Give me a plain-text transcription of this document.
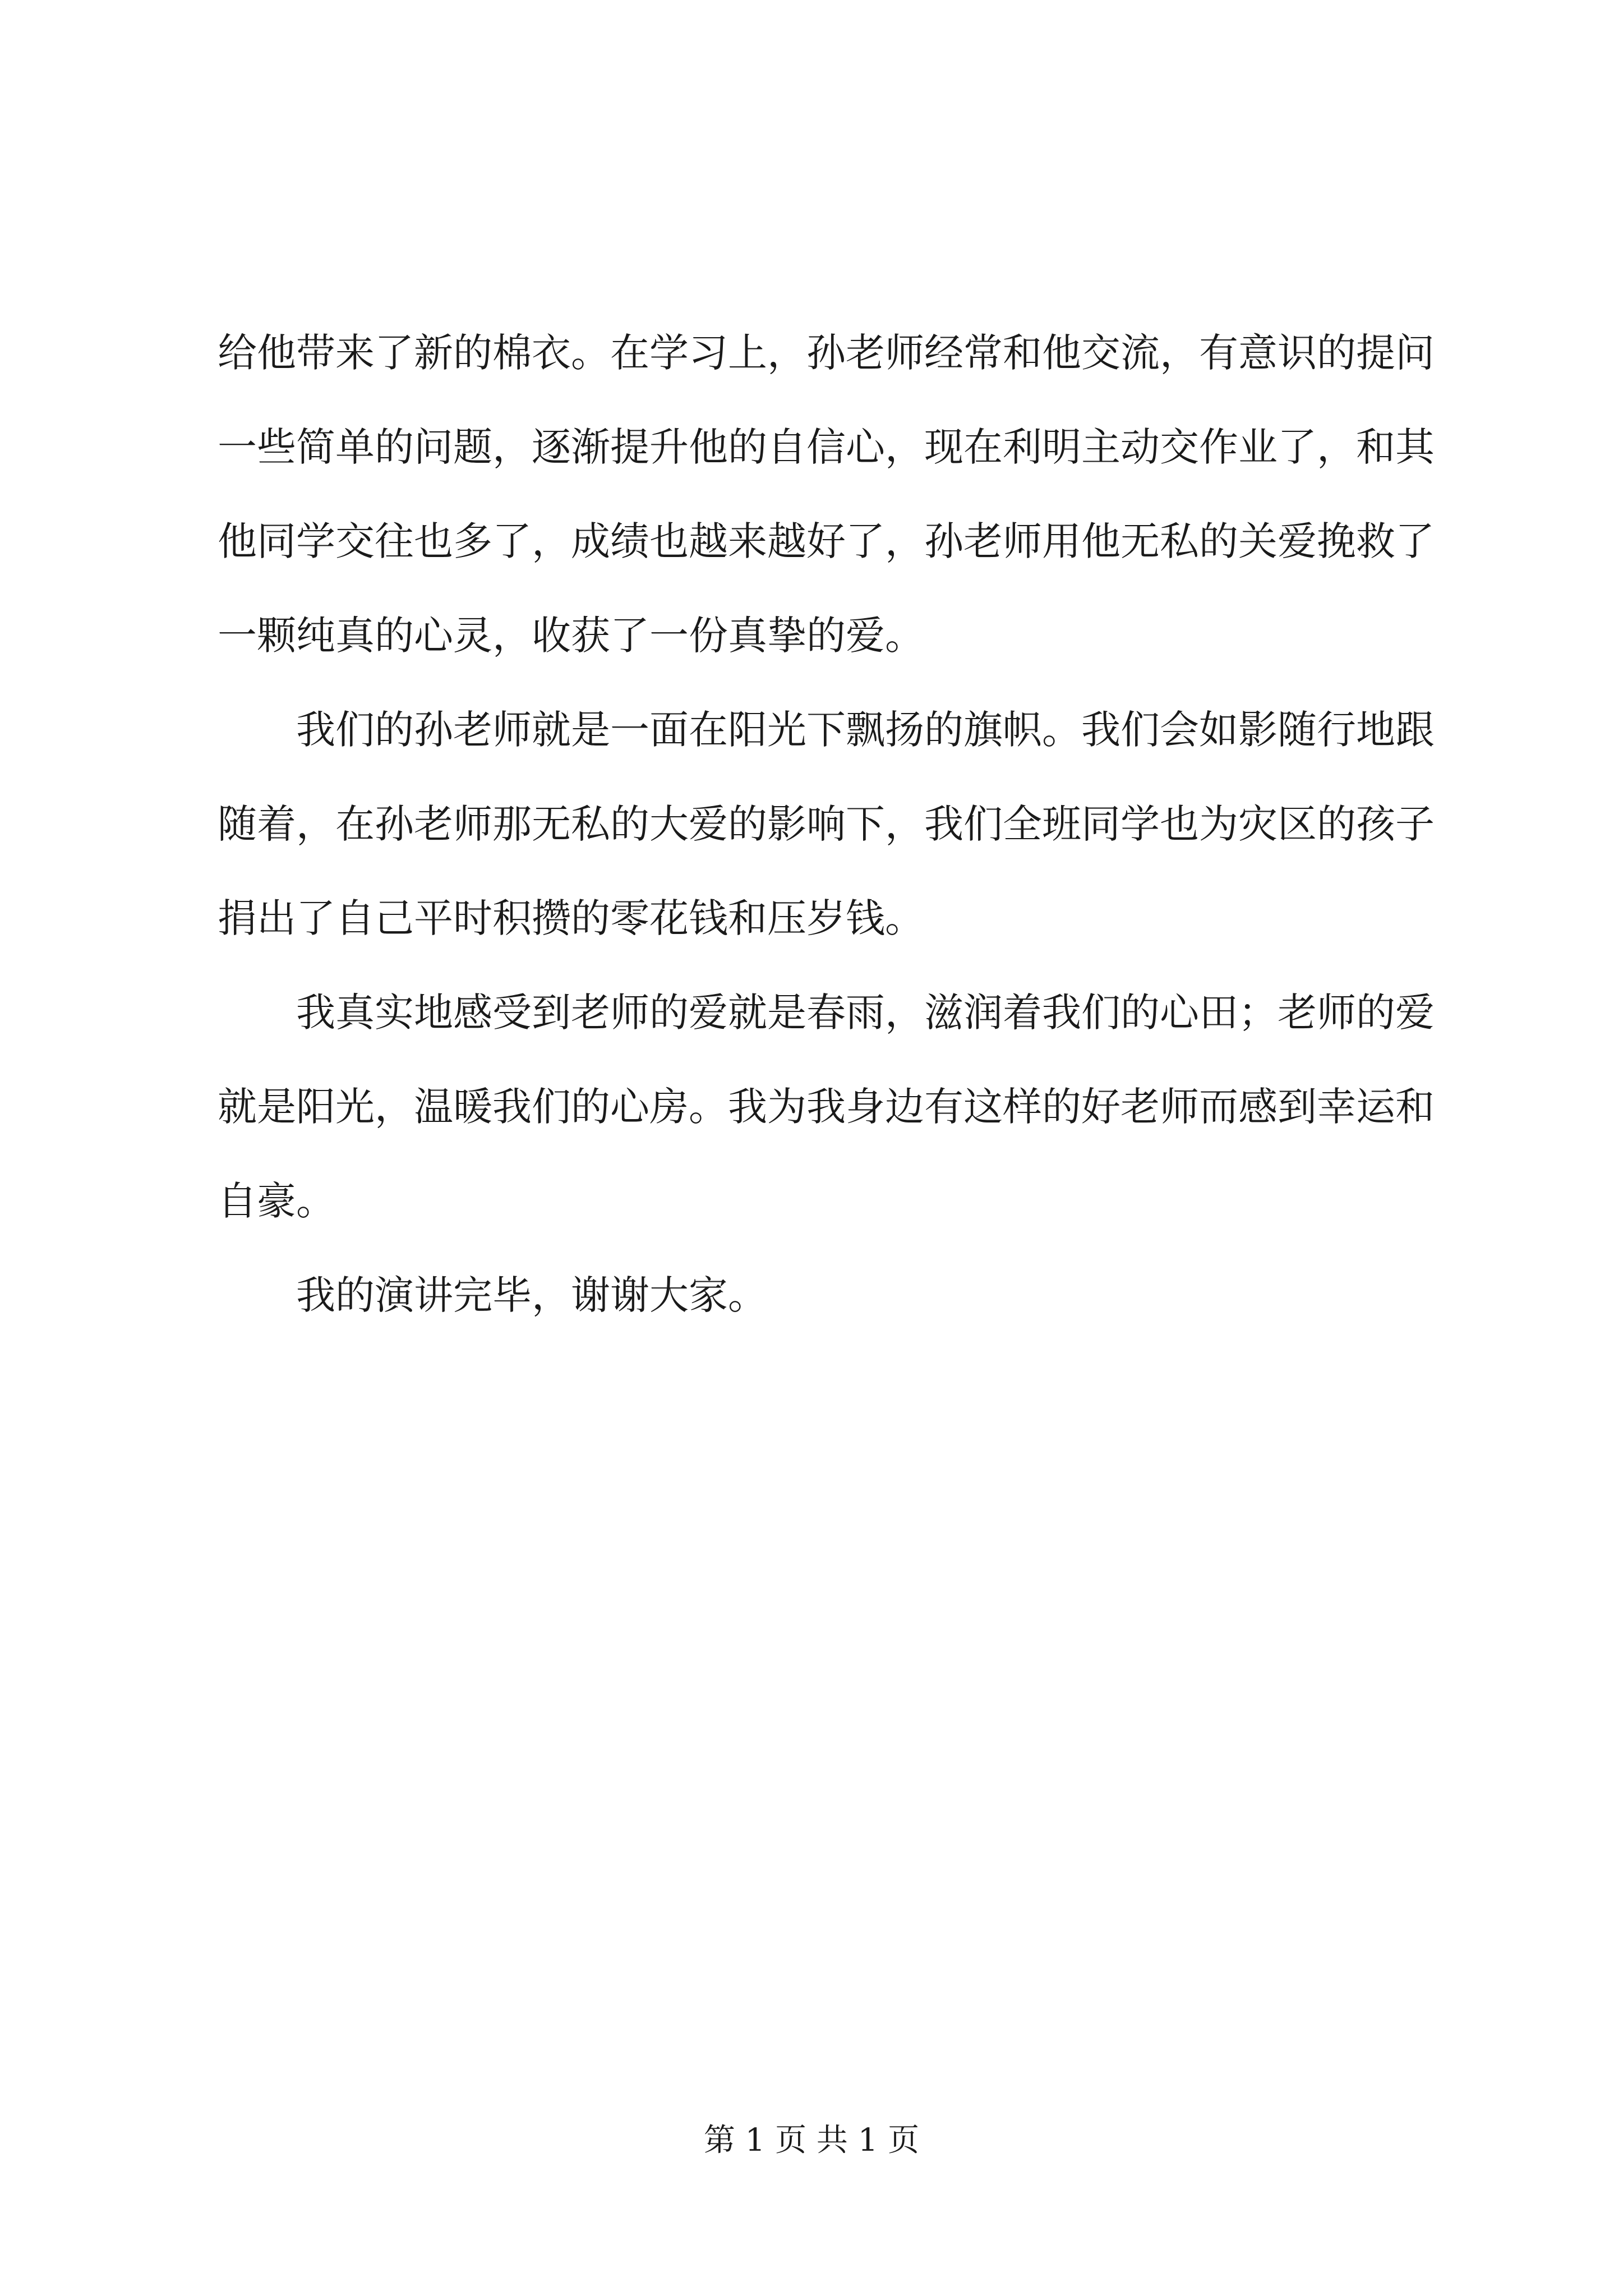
给他带来了新的棉衣。在学习上，孙老师经常和他交流，有意识的提问一些简单的问题，逐渐提升他的自信心，现在利明主动交作业了，和其他同学交往也多了，成绩也越来越好了，孙老师用他无私的关爱挽救了一颗纯真的心灵，收获了一份真挚的爱。

我们的孙老师就是一面在阳光下飘扬的旗帜。我们会如影随行地跟随着，在孙老师那无私的大爱的影响下，我们全班同学也为灾区的孩子捐出了自己平时积攒的零花钱和压岁钱。

我真实地感受到老师的爱就是春雨，滋润着我们的心田；老师的爱就是阳光，温暖我们的心房。我为我身边有这样的好老师而感到幸运和自豪。

我的演讲完毕，谢谢大家。

第 1 页 共 1 页
